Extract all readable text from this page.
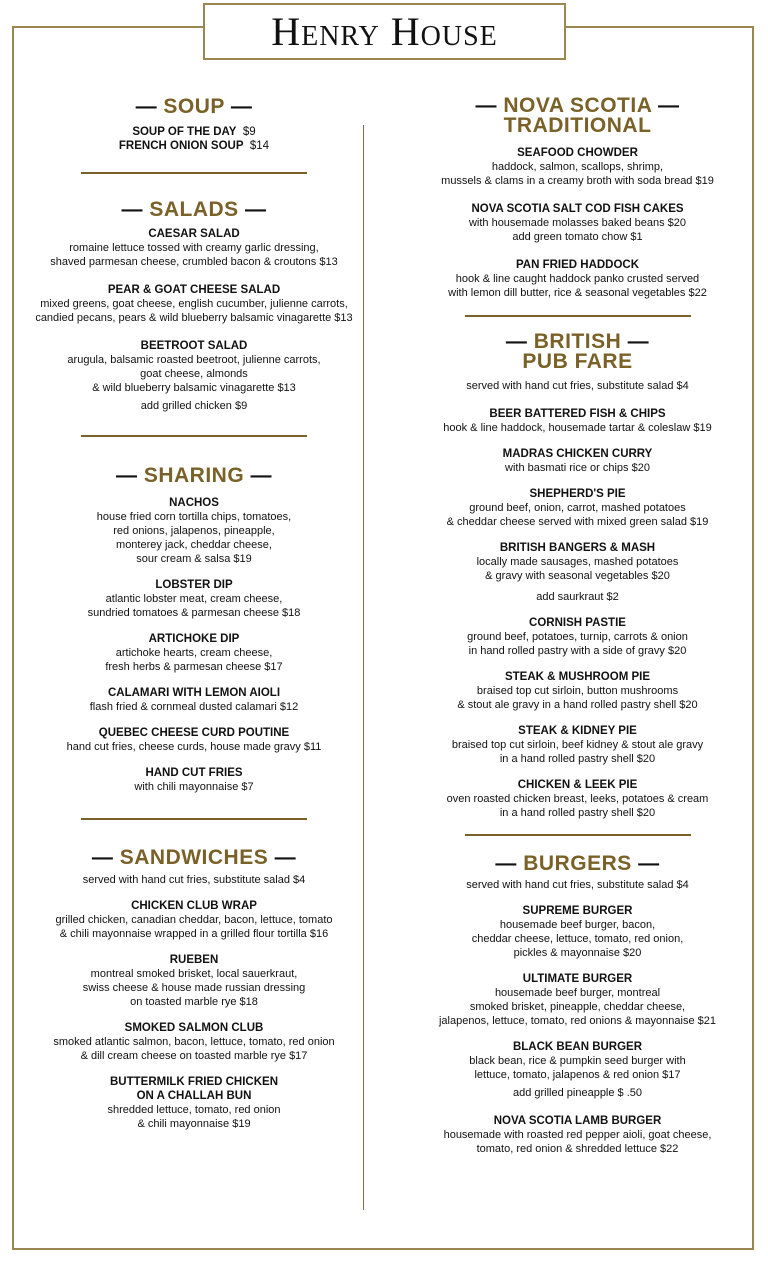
Henry House
— SOUP —
SOUP OF THE DAY $9
FRENCH ONION SOUP $14
— SALADS —
CAESAR SALAD
romaine lettuce tossed with creamy garlic dressing,
shaved parmesan cheese, crumbled bacon & croutons $13
PEAR & GOAT CHEESE SALAD
mixed greens, goat cheese, english cucumber, julienne carrots,
candied pecans, pears & wild blueberry balsamic vinagarette $13
BEETROOT SALAD
arugula, balsamic roasted beetroot, julienne carrots,
goat cheese, almonds
& wild blueberry balsamic vinagarette $13
add grilled chicken $9
— SHARING —
NACHOS
house fried corn tortilla chips, tomatoes,
red onions, jalapenos, pineapple,
monterey jack, cheddar cheese,
sour cream & salsa $19
LOBSTER DIP
atlantic lobster meat, cream cheese,
sundried tomatoes & parmesan cheese $18
ARTICHOKE DIP
artichoke hearts, cream cheese,
fresh herbs & parmesan cheese $17
CALAMARI WITH LEMON AIOLI
flash fried & cornmeal dusted calamari $12
QUEBEC CHEESE CURD POUTINE
hand cut fries, cheese curds, house made gravy $11
HAND CUT FRIES
with chili mayonnaise $7
— SANDWICHES —
served with hand cut fries, substitute salad $4
CHICKEN CLUB WRAP
grilled chicken, canadian cheddar, bacon, lettuce, tomato
& chili mayonnaise wrapped in a grilled flour tortilla $16
RUEBEN
montreal smoked brisket, local sauerkraut,
swiss cheese & house made russian dressing
on toasted marble rye $18
SMOKED SALMON CLUB
smoked atlantic salmon, bacon, lettuce, tomato, red onion
& dill cream cheese on toasted marble rye $17
BUTTERMILK FRIED CHICKEN
ON A CHALLAH BUN
shredded lettuce, tomato, red onion
& chili mayonnaise $19
— NOVA SCOTIA —
TRADITIONAL
SEAFOOD CHOWDER
haddock, salmon, scallops, shrimp,
mussels & clams in a creamy broth with soda bread $19
NOVA SCOTIA SALT COD FISH CAKES
with housemade molasses baked beans $20
add green tomato chow $1
PAN FRIED HADDOCK
hook & line caught haddock panko crusted served
with lemon dill butter, rice & seasonal vegetables $22
— BRITISH —
PUB FARE
served with hand cut fries, substitute salad $4
BEER BATTERED FISH & CHIPS
hook & line haddock, housemade tartar & coleslaw $19
MADRAS CHICKEN CURRY
with basmati rice or chips $20
SHEPHERD'S PIE
ground beef, onion, carrot, mashed potatoes
& cheddar cheese served with mixed green salad $19
BRITISH BANGERS & MASH
locally made sausages, mashed potatoes
& gravy with seasonal vegetables $20
add saurkraut $2
CORNISH PASTIE
ground beef, potatoes, turnip, carrots & onion
in hand rolled pastry with a side of gravy $20
STEAK & MUSHROOM PIE
braised top cut sirloin, button mushrooms
& stout ale gravy in a hand rolled pastry shell $20
STEAK & KIDNEY PIE
braised top cut sirloin, beef kidney & stout ale gravy
in a hand rolled pastry shell $20
CHICKEN & LEEK PIE
oven roasted chicken breast, leeks, potatoes & cream
in a hand rolled pastry shell $20
— BURGERS —
served with hand cut fries, substitute salad $4
SUPREME BURGER
housemade beef burger, bacon,
cheddar cheese, lettuce, tomato, red onion,
pickles & mayonnaise $20
ULTIMATE BURGER
housemade beef burger, montreal
smoked brisket, pineapple, cheddar cheese,
jalapenos, lettuce, tomato, red onions & mayonnaise $21
BLACK BEAN BURGER
black bean, rice & pumpkin seed burger with
lettuce, tomato, jalapenos & red onion $17
add grilled pineapple $ .50
NOVA SCOTIA LAMB BURGER
housemade with roasted red pepper aioli, goat cheese,
tomato, red onion & shredded lettuce $22
